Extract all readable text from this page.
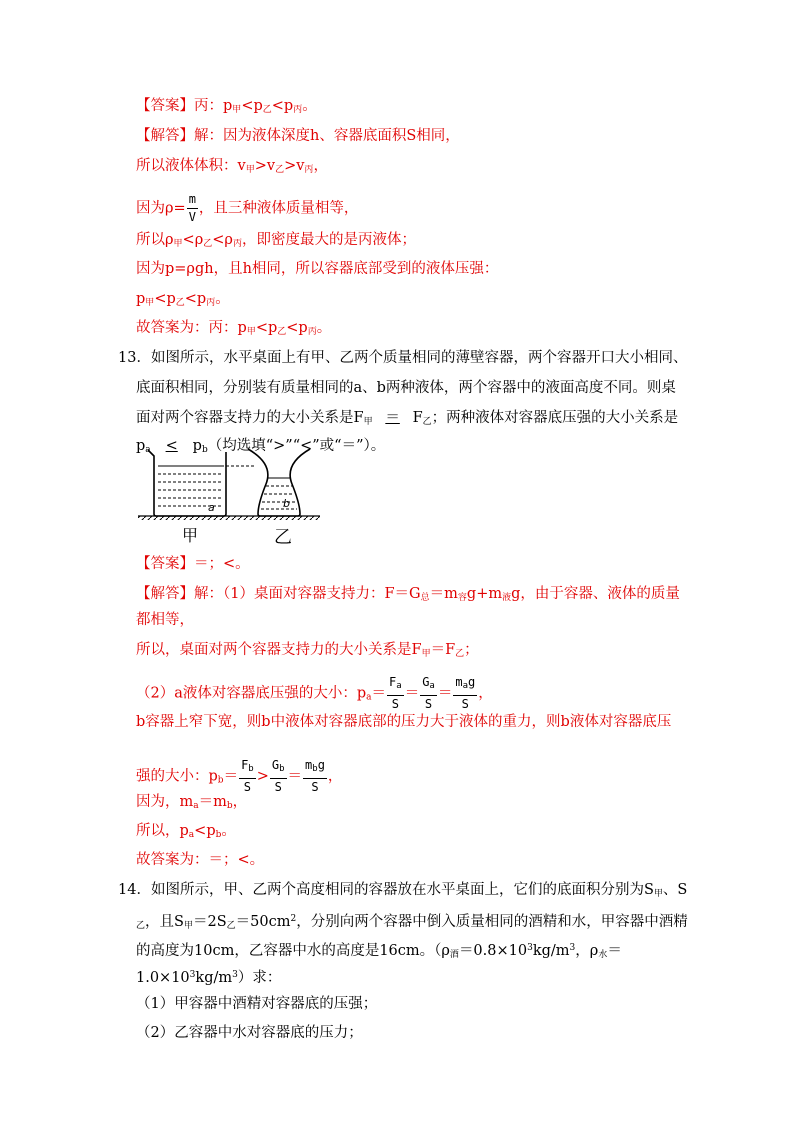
【答案】丙：$p_甲<p_乙<p_丙$。
【解答】解：因为液体深度h、容器底面积S相同，
所以液体体积：$v_甲>v_乙>v_丙$，
因为$\rho= \frac{m}{V}$ ，且三种液体质量相等，
所以$\rho_甲<\rho_乙<\rho_丙$，即密度最大的是丙液体；
因为p=ρgh，且h相同，所以容器底部受到的液体压强：
$p_甲<p_乙<p_丙$。
故答案为：丙：$p_甲<p_乙<p_丙$。
13．如图所示，水平桌面上有甲、乙两个质量相同的薄壁容器，两个容器开口大小相同、
底面积相同，分别装有质量相同的a、b两种液体，两个容器中的液面高度不同。则桌
面对两个容器支持力的大小关系是$F_甲 = F_乙$；两种液体对容器底压强的大小关系是
$p_a < p_b$（均选填“>”“<”或“＝”）。
a	b
甲	乙
【答案】＝；<。
【解答】解：（1）桌面对容器支持力：$F=G_总=m_容g+m_液g$，由于容器、液体的质量
都相等，
所以，桌面对两个容器支持力的大小关系是$F_甲=F_乙$；
（2）a液体对容器底压强的大小：$p_a= \frac{F_a}{S} = \frac{G_a}{S} = \frac{m_ag}{S}$ ，
b容器上窄下宽，则b中液体对容器底部的压力大于液体的重力，则b液体对容器底压
强的大小：$p_b= \frac{F_b}{S} > \frac{G_b}{S} = \frac{m_bg}{S}$ ，
因为，$m_a=m_b$，
所以，$p_a<p_b$。
故答案为：＝；<。
14．如图所示，甲、乙两个高度相同的容器放在水平桌面上，它们的底面积分别为$S_甲$、S
$_乙$，且$S_甲=2S_乙=50cm^2$，分别向两个容器中倒入质量相同的酒精和水，甲容器中酒精
的高度为10cm，乙容器中水的高度是16cm。（$\rho_酒=0.8\times 10^3kg/m^3$，$\rho_水=$
$1.0\times 10^3kg/m^3$）求：
（1）甲容器中酒精对容器底的压强；
（2）乙容器中水对容器底的压力；
